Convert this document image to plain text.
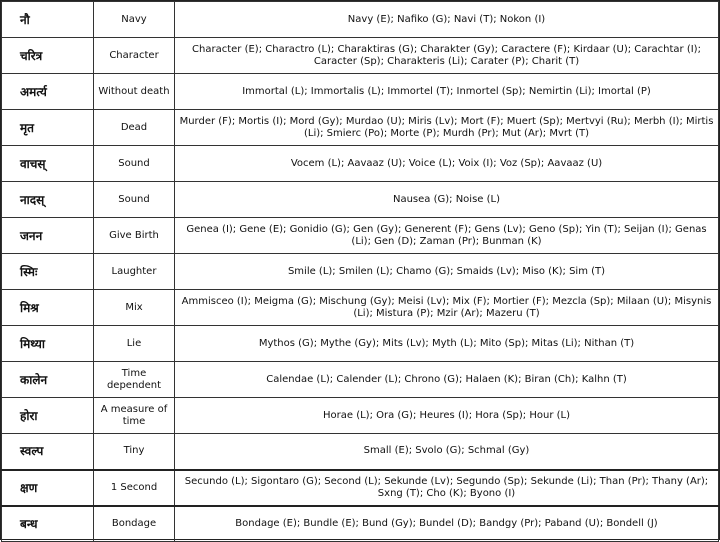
नौ	Navy	Navy (E); Nafiko (G); Navi (T); Nokon (I)
चरित्र	Character	Character (E); Charactro (L); Charaktiras (G); Charakter (Gy); Caractere (F); Kirdaar (U); Carachtar (I); Caracter (Sp); Charakteris (Li); Carater (P); Charit (T)
अमर्त्य	Without death	Immortal (L); Immortalis (L); Immortel (T); Inmortel (Sp); Nemirtin (Li); Imortal (P)
मृत	Dead	Murder (F); Mortis (I); Mord (Gy); Murdao (U); Miris (Lv); Mort (F); Muert (Sp); Mertvyi (Ru); Merbh (I); Mirtis (Li); Smierc (Po); Morte (P); Murdh (Pr); Mut (Ar); Mvrt (T)
वाचस्	Sound	Vocem (L); Aavaaz (U); Voice (L); Voix (I); Voz (Sp); Aavaaz (U)
नादस्	Sound	Nausea (G); Noise (L)
जनन	Give Birth	Genea (I); Gene (E); Gonidio (G); Gen (Gy); Generent (F); Gens (Lv); Geno (Sp); Yin (T); Seijan (I); Genas (Li); Gen (D); Zaman (Pr); Bunman (K)
स्मिः	Laughter	Smile (L); Smilen (L); Chamo (G); Smaids (Lv); Miso (K); Sim (T)
मिश्र	Mix	Ammisceo (I); Meigma (G); Mischung (Gy); Meisi (Lv); Mix (F); Mortier (F); Mezcla (Sp); Milaan (U); Misynis (Li); Mistura (P); Mzir (Ar); Mazeru (T)
मिथ्या	Lie	Mythos (G); Mythe (Gy); Mits (Lv); Myth (L); Mito (Sp); Mitas (Li); Nithan (T)
कालेन	Time dependent	Calendae (L); Calender (L); Chrono (G); Halaen (K); Biran (Ch); Kalhn (T)
होरा	A measure of time	Horae (L); Ora (G); Heures (I); Hora (Sp); Hour (L)
स्वल्प	Tiny	Small (E); Svolo (G); Schmal (Gy)
क्षण	1 Second	Secundo (L); Sigontaro (G); Second (L); Sekunde (Lv); Segundo (Sp); Sekunde (Li); Than (Pr); Thany (Ar); Sxng (T); Cho (K); Byono (I)
बन्ध	Bondage	Bondage (E); Bundle (E); Bund (Gy); Bundel (D); Bandgy (Pr); Paband (U); Bondell (J)
